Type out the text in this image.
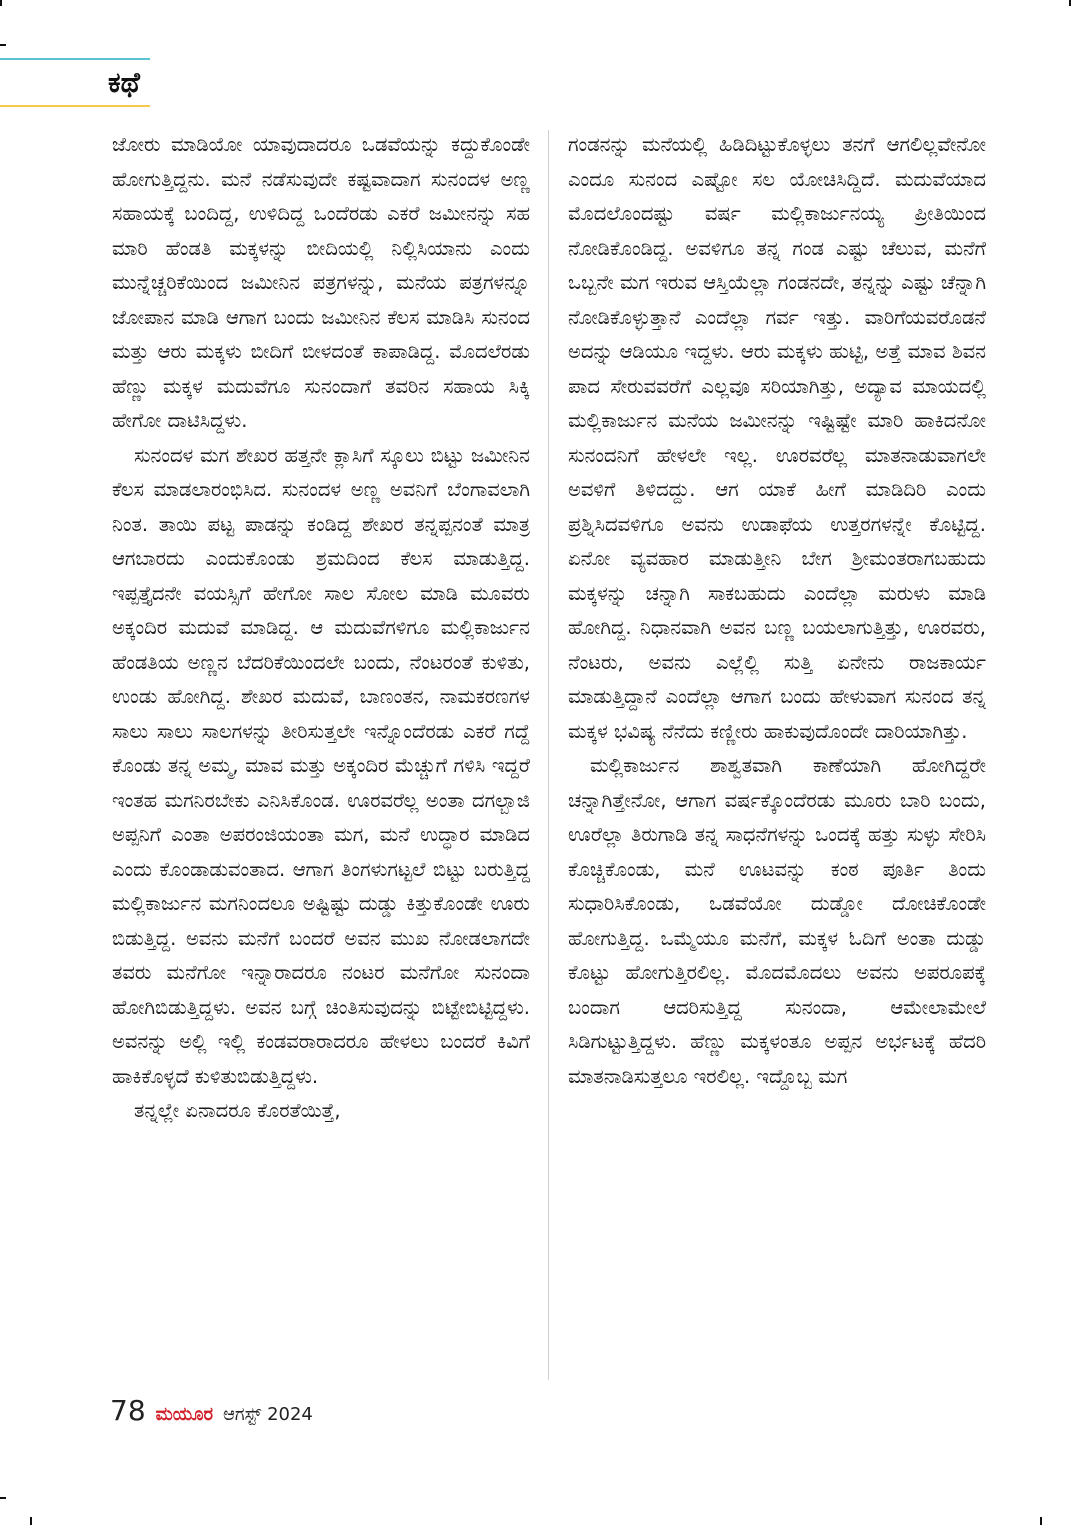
ಕಥೆ

ಜೋರು ಮಾಡಿಯೋ ಯಾವುದಾದರೂ ಒಡವೆಯನ್ನು ಕದ್ದುಕೊಂಡೇ ಹೋಗುತ್ತಿದ್ದನು. ಮನೆ ನಡೆಸುವುದೇ ಕಷ್ಟವಾದಾಗ ಸುನಂದಳ ಅಣ್ಣ ಸಹಾಯಕ್ಕೆ ಬಂದಿದ್ದ, ಉಳಿದಿದ್ದ ಒಂದೆರಡು ಎಕರೆ ಜಮೀನನ್ನು ಸಹ ಮಾರಿ ಹೆಂಡತಿ ಮಕ್ಕಳನ್ನು ಬೀದಿಯಲ್ಲಿ ನಿಲ್ಲಿಸಿಯಾನು ಎಂದು ಮುನ್ನೆಚ್ಚರಿಕೆಯಿಂದ ಜಮೀನಿನ ಪತ್ರಗಳನ್ನು, ಮನೆಯ ಪತ್ರಗಳನ್ನೂ ಜೋಪಾನ ಮಾಡಿ ಆಗಾಗ ಬಂದು ಜಮೀನಿನ ಕೆಲಸ ಮಾಡಿಸಿ ಸುನಂದ ಮತ್ತು ಆರು ಮಕ್ಕಳು ಬೀದಿಗೆ ಬೀಳದಂತೆ ಕಾಪಾಡಿದ್ದ. ಮೊದಲೆರಡು ಹೆಣ್ಣು ಮಕ್ಕಳ ಮದುವೆಗೂ ಸುನಂದಾಗೆ ತವರಿನ ಸಹಾಯ ಸಿಕ್ಕಿ ಹೇಗೋ ದಾಟಿಸಿದ್ದಳು.

ಸುನಂದಳ ಮಗ ಶೇಖರ ಹತ್ತನೇ ಕ್ಲಾಸಿಗೆ ಸ್ಕೂಲು ಬಿಟ್ಟು ಜಮೀನಿನ ಕೆಲಸ ಮಾಡಲಾರಂಭಿಸಿದ. ಸುನಂದಳ ಅಣ್ಣ ಅವನಿಗೆ ಬೆಂಗಾವಲಾಗಿ ನಿಂತ. ತಾಯಿ ಪಟ್ಟ ಪಾಡನ್ನು ಕಂಡಿದ್ದ ಶೇಖರ ತನ್ನಪ್ಪನಂತೆ ಮಾತ್ರ ಆಗಬಾರದು ಎಂದುಕೊಂಡು ಶ್ರಮದಿಂದ ಕೆಲಸ ಮಾಡುತ್ತಿದ್ದ. ಇಪ್ಪತ್ತೈದನೇ ವಯಸ್ಸಿಗೆ ಹೇಗೋ ಸಾಲ ಸೋಲ ಮಾಡಿ ಮೂವರು ಅಕ್ಕಂದಿರ ಮದುವೆ ಮಾಡಿದ್ದ. ಆ ಮದುವೆಗಳಿಗೂ ಮಲ್ಲಿಕಾರ್ಜುನ ಹೆಂಡತಿಯ ಅಣ್ಣನ ಬೆದರಿಕೆಯಿಂದಲೇ ಬಂದು, ನೆಂಟರಂತೆ ಕುಳಿತು, ಉಂಡು ಹೋಗಿದ್ದ. ಶೇಖರ ಮದುವೆ, ಬಾಣಂತನ, ನಾಮಕರಣಗಳ ಸಾಲು ಸಾಲು ಸಾಲಗಳನ್ನು ತೀರಿಸುತ್ತಲೇ ಇನ್ನೊಂದೆರಡು ಎಕರೆ ಗದ್ದೆ ಕೊಂಡು ತನ್ನ ಅಮ್ಮ, ಮಾವ ಮತ್ತು ಅಕ್ಕಂದಿರ ಮೆಚ್ಚುಗೆ ಗಳಿಸಿ ಇದ್ದರೆ ಇಂತಹ ಮಗನಿರಬೇಕು ಎನಿಸಿಕೊಂಡ. ಊರವರೆಲ್ಲ ಅಂತಾ ದಗಲ್ಬಾಜಿ ಅಪ್ಪನಿಗೆ ಎಂತಾ ಅಪರಂಜಿಯಂತಾ ಮಗ, ಮನೆ ಉದ್ಧಾರ ಮಾಡಿದ ಎಂದು ಕೊಂಡಾಡುವಂತಾದ. ಆಗಾಗ ತಿಂಗಳುಗಟ್ಟಲೆ ಬಿಟ್ಟು ಬರುತ್ತಿದ್ದ ಮಲ್ಲಿಕಾರ್ಜುನ ಮಗನಿಂದಲೂ ಅಷ್ಟಿಷ್ಟು ದುಡ್ಡು ಕಿತ್ತುಕೊಂಡೇ ಊರು ಬಿಡುತ್ತಿದ್ದ. ಅವನು ಮನೆಗೆ ಬಂದರೆ ಅವನ ಮುಖ ನೋಡಲಾಗದೇ ತವರು ಮನೆಗೋ ಇನ್ನಾರಾದರೂ ನಂಟರ ಮನೆಗೋ ಸುನಂದಾ ಹೋಗಿಬಿಡುತ್ತಿದ್ದಳು. ಅವನ ಬಗ್ಗೆ ಚಿಂತಿಸುವುದನ್ನು ಬಿಟ್ಟೇಬಿಟ್ಟಿದ್ದಳು. ಅವನನ್ನು ಅಲ್ಲಿ ಇಲ್ಲಿ ಕಂಡವರಾರಾದರೂ ಹೇಳಲು ಬಂದರೆ ಕಿವಿಗೆ ಹಾಕಿಕೊಳ್ಳದೆ ಕುಳಿತುಬಿಡುತ್ತಿದ್ದಳು.

ತನ್ನಲ್ಲೇ ಏನಾದರೂ ಕೊರತೆಯಿತ್ತೆ,

ಗಂಡನನ್ನು ಮನೆಯಲ್ಲಿ ಹಿಡಿದಿಟ್ಟುಕೊಳ್ಳಲು ತನಗೆ ಆಗಲಿಲ್ಲವೇನೋ ಎಂದೂ ಸುನಂದ ಎಷ್ಟೋ ಸಲ ಯೋಚಿಸಿದ್ದಿದೆ. ಮದುವೆಯಾದ ಮೊದಲೊಂದಷ್ಟು ವರ್ಷ ಮಲ್ಲಿಕಾರ್ಜುನಯ್ಯ ಪ್ರೀತಿಯಿಂದ ನೋಡಿಕೊಂಡಿದ್ದ. ಅವಳಿಗೂ ತನ್ನ ಗಂಡ ಎಷ್ಟು ಚೆಲುವ, ಮನೆಗೆ ಒಬ್ಬನೇ ಮಗ ಇರುವ ಆಸ್ತಿಯೆಲ್ಲಾ ಗಂಡನದೇ, ತನ್ನನ್ನು ಎಷ್ಟು ಚೆನ್ನಾಗಿ ನೋಡಿಕೊಳ್ಳುತ್ತಾನೆ ಎಂದೆಲ್ಲಾ ಗರ್ವ ಇತ್ತು. ವಾರಿಗೆಯವರೊಡನೆ ಅದನ್ನು ಆಡಿಯೂ ಇದ್ದಳು. ಆರು ಮಕ್ಕಳು ಹುಟ್ಟಿ, ಅತ್ತೆ ಮಾವ ಶಿವನ ಪಾದ ಸೇರುವವರೆಗೆ ಎಲ್ಲವೂ ಸರಿಯಾಗಿತ್ತು, ಅದ್ಯಾವ ಮಾಯದಲ್ಲಿ ಮಲ್ಲಿಕಾರ್ಜುನ ಮನೆಯ ಜಮೀನನ್ನು ಇಷ್ಟಿಷ್ಟೇ ಮಾರಿ ಹಾಕಿದನೋ ಸುನಂದನಿಗೆ ಹೇಳಲೇ ಇಲ್ಲ. ಊರವರೆಲ್ಲ ಮಾತನಾಡುವಾಗಲೇ ಅವಳಿಗೆ ತಿಳಿದದ್ದು. ಆಗ ಯಾಕೆ ಹೀಗೆ ಮಾಡಿದಿರಿ ಎಂದು ಪ್ರಶ್ನಿಸಿದವಳಿಗೂ ಅವನು ಉಡಾಫೆಯ ಉತ್ತರಗಳನ್ನೇ ಕೊಟ್ಟಿದ್ದ. ಏನೋ ವ್ಯವಹಾರ ಮಾಡುತ್ತೀನಿ ಬೇಗ ಶ್ರೀಮಂತರಾಗಬಹುದು ಮಕ್ಕಳನ್ನು ಚನ್ನಾಗಿ ಸಾಕಬಹುದು ಎಂದೆಲ್ಲಾ ಮರುಳು ಮಾಡಿ ಹೋಗಿದ್ದ. ನಿಧಾನವಾಗಿ ಅವನ ಬಣ್ಣ ಬಯಲಾಗುತ್ತಿತ್ತು, ಊರವರು, ನೆಂಟರು, ಅವನು ಎಲ್ಲೆಲ್ಲಿ ಸುತ್ತಿ ಏನೇನು ರಾಜಕಾರ್ಯ ಮಾಡುತ್ತಿದ್ದಾನೆ ಎಂದೆಲ್ಲಾ ಆಗಾಗ ಬಂದು ಹೇಳುವಾಗ ಸುನಂದ ತನ್ನ ಮಕ್ಕಳ ಭವಿಷ್ಯ ನೆನೆದು ಕಣ್ಣೀರು ಹಾಕುವುದೊಂದೇ ದಾರಿಯಾಗಿತ್ತು.

ಮಲ್ಲಿಕಾರ್ಜುನ ಶಾಶ್ವತವಾಗಿ ಕಾಣೆಯಾಗಿ ಹೋಗಿದ್ದರೇ ಚನ್ನಾಗಿತ್ತೇನೋ, ಆಗಾಗ ವರ್ಷಕ್ಕೊಂದೆರಡು ಮೂರು ಬಾರಿ ಬಂದು, ಊರೆಲ್ಲಾ ತಿರುಗಾಡಿ ತನ್ನ ಸಾಧನೆಗಳನ್ನು ಒಂದಕ್ಕೆ ಹತ್ತು ಸುಳ್ಳು ಸೇರಿಸಿ ಕೊಚ್ಚಿಕೊಂಡು, ಮನೆ ಊಟವನ್ನು ಕಂಠ ಪೂರ್ತಿ ತಿಂದು ಸುಧಾರಿಸಿಕೊಂಡು, ಒಡವೆಯೋ ದುಡ್ಡೋ ದೋಚಿಕೊಂಡೇ ಹೋಗುತ್ತಿದ್ದ. ಒಮ್ಮೆಯೂ ಮನೆಗೆ, ಮಕ್ಕಳ ಓದಿಗೆ ಅಂತಾ ದುಡ್ಡು ಕೊಟ್ಟು ಹೋಗುತ್ತಿರಲಿಲ್ಲ. ಮೊದಮೊದಲು ಅವನು ಅಪರೂಪಕ್ಕೆ ಬಂದಾಗ ಆದರಿಸುತ್ತಿದ್ದ ಸುನಂದಾ, ಆಮೇಲಾಮೇಲೆ ಸಿಡಿಗುಟ್ಟುತ್ತಿದ್ದಳು. ಹೆಣ್ಣು ಮಕ್ಕಳಂತೂ ಅಪ್ಪನ ಅರ್ಭಟಕ್ಕೆ ಹೆದರಿ ಮಾತನಾಡಿಸುತ್ತಲೂ ಇರಲಿಲ್ಲ. ಇದ್ದೊಬ್ಬ ಮಗ

78 ಮಯೂರ ಆಗಸ್ಟ್ 2024
